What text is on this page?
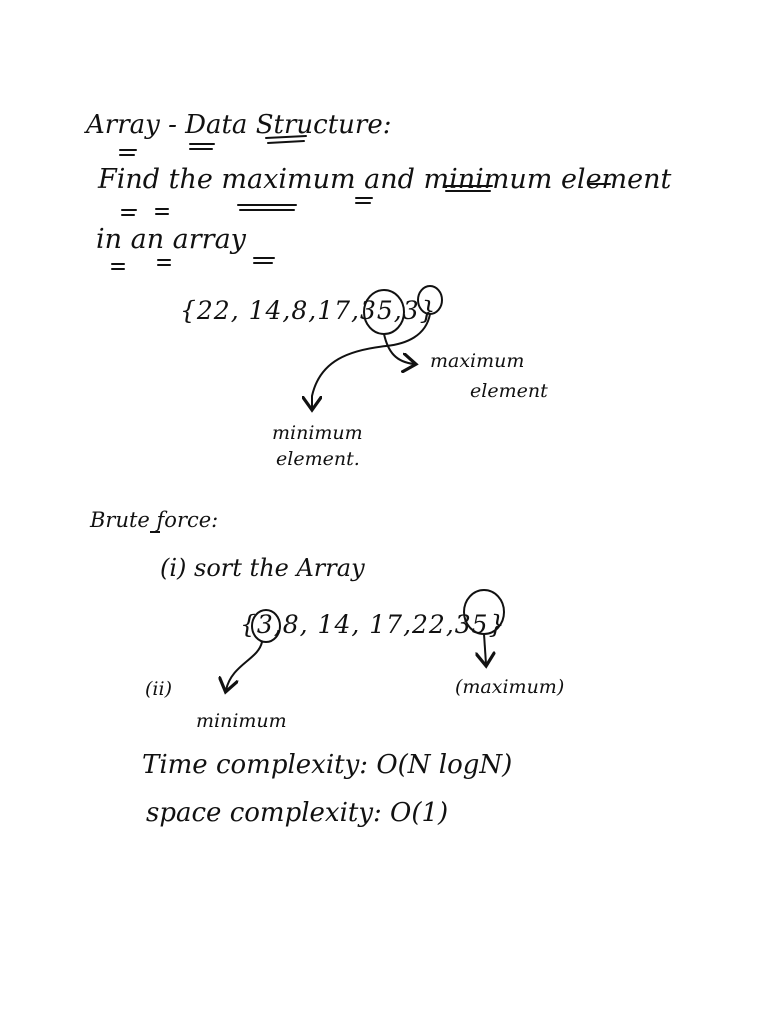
Array - Data Structure:
Find the maximum and minimum element
in an array
{22, 14,8,17,35,3}
maximum
element
minimum
element.
Brute force:
(i) sort the Array
{3,8, 14, 17,22,35}
(ii)
minimum
(maximum)
Time complexity: O(N logN)
space complexity: O(1)
